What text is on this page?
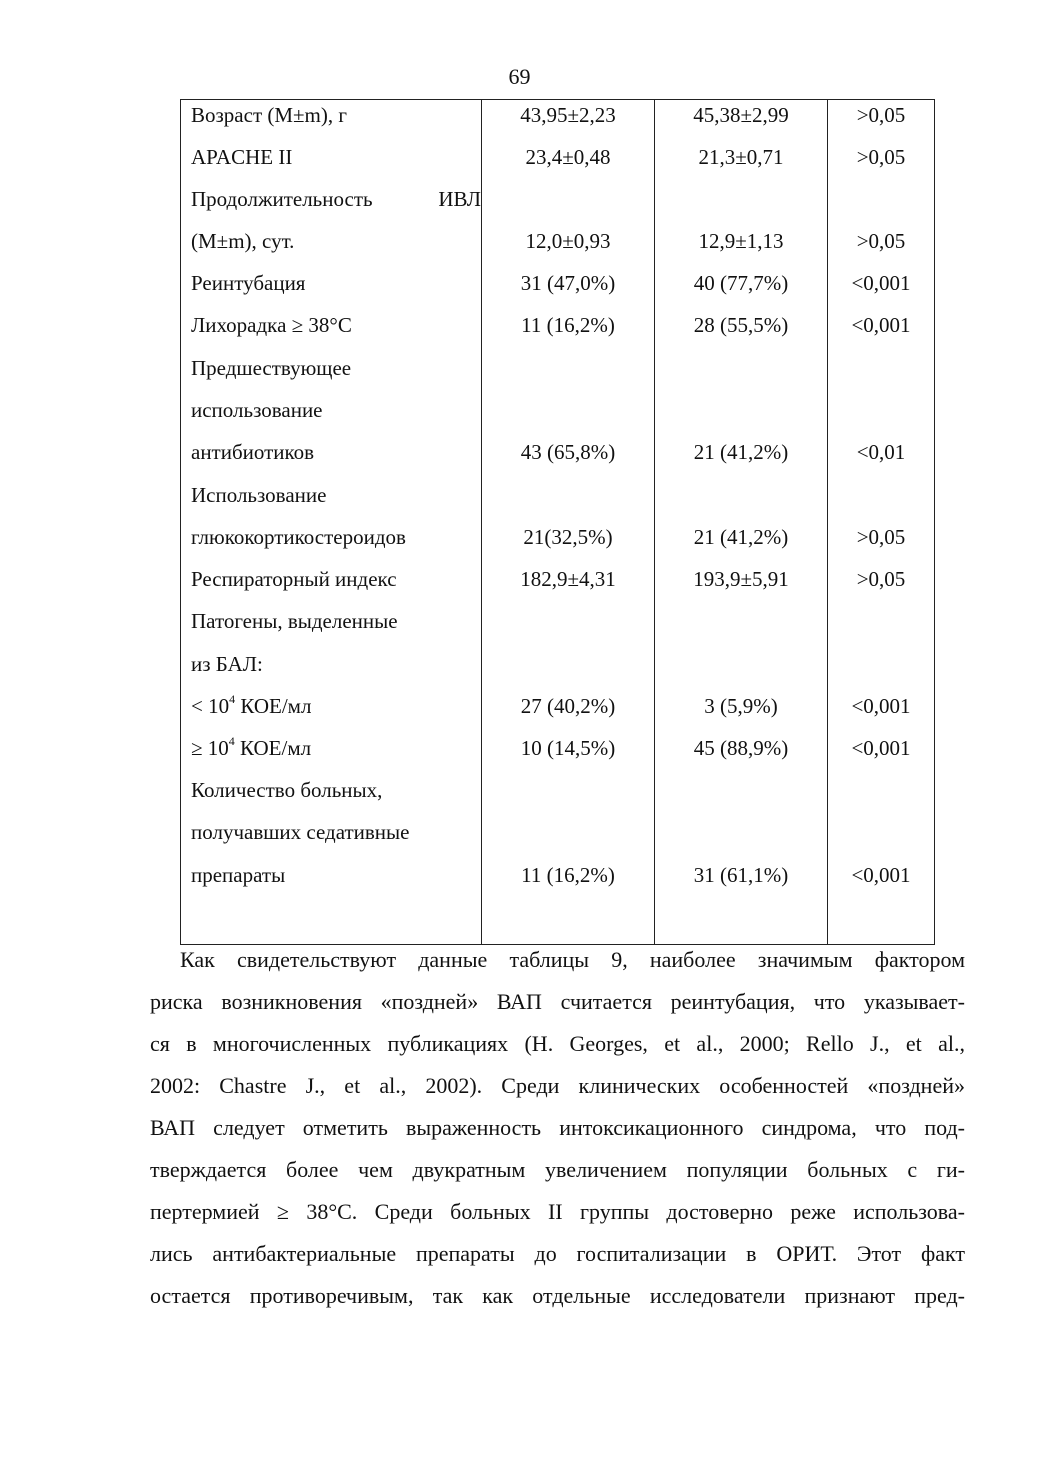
69
Возраст (M±m), г	43,95±2,23	45,38±2,99	>0,05
APACHE II	23,4±0,48	21,3±0,71	>0,05
Продолжительность ИВЛ
(M±m), сут.	12,0±0,93	12,9±1,13	>0,05
Реинтубация	31 (47,0%)	40 (77,7%)	<0,001
Лихорадка ≥ 38°С	11 (16,2%)	28 (55,5%)	<0,001
Предшествующее
использование
антибиотиков	43 (65,8%)	21 (41,2%)	<0,01
Использование
глюкокортикостероидов	21(32,5%)	21 (41,2%)	>0,05
Респираторный индекс	182,9±4,31	193,9±5,91	>0,05
Патогены, выделенные
из БАЛ:
< $10^4$ КОЕ/мл	27 (40,2%)	3 (5,9%)	<0,001
≥ $10^4$ КОЕ/мл	10 (14,5%)	45 (88,9%)	<0,001
Количество больных,
получавших седативные
препараты	11 (16,2%)	31 (61,1%)	<0,001
Как свидетельствуют данные таблицы 9, наиболее значимым фактором
риска возникновения «поздней» ВАП считается реинтубация, что указывает-
ся в многочисленных публикациях (H. Georges, et al., 2000; Rello J., et al.,
2002: Chastre J., et al., 2002). Среди клинических особенностей «поздней»
ВАП следует отметить выраженность интоксикационного синдрома, что под-
тверждается более чем двукратным увеличением популяции больных с ги-
пертермией ≥ 38°С. Среди больных II группы достоверно реже использова-
лись антибактериальные препараты до госпитализации в ОРИТ. Этот факт
остается противоречивым, так как отдельные исследователи признают пред-
